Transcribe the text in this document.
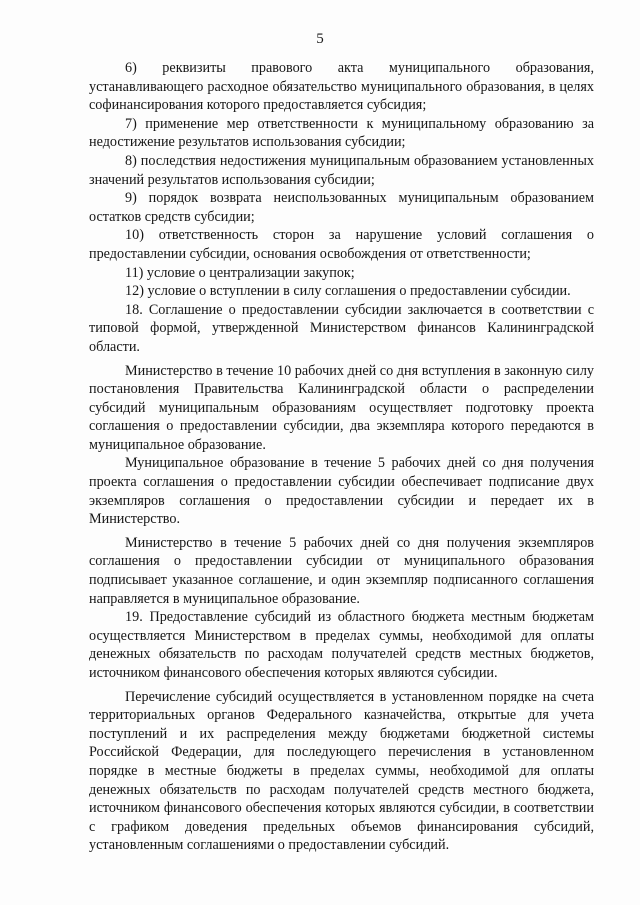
5

6) реквизиты правового акта муниципального образования, устанавливающего расходное обязательство муниципального образования, в целях софинансирования которого предоставляется субсидия;

7) применение мер ответственности к муниципальному образованию за недостижение результатов использования субсидии;

8) последствия недостижения муниципальным образованием установленных значений результатов использования субсидии;

9) порядок возврата неиспользованных муниципальным образованием остатков средств субсидии;

10) ответственность сторон за нарушение условий соглашения о предоставлении субсидии, основания освобождения от ответственности;

11) условие о централизации закупок;

12) условие о вступлении в силу соглашения о предоставлении субсидии.

18. Соглашение о предоставлении субсидии заключается в соответствии с типовой формой, утвержденной Министерством финансов Калининградской области.

Министерство в течение 10 рабочих дней со дня вступления в законную силу постановления Правительства Калининградской области о распределении субсидий муниципальным образованиям осуществляет подготовку проекта соглашения о предоставлении субсидии, два экземпляра которого передаются в муниципальное образование.

Муниципальное образование в течение 5 рабочих дней со дня получения проекта соглашения о предоставлении субсидии обеспечивает подписание двух экземпляров соглашения о предоставлении субсидии и передает их в Министерство.

Министерство в течение 5 рабочих дней со дня получения экземпляров соглашения о предоставлении субсидии от муниципального образования подписывает указанное соглашение, и один экземпляр подписанного соглашения направляется в муниципальное образование.

19. Предоставление субсидий из областного бюджета местным бюджетам осуществляется Министерством в пределах суммы, необходимой для оплаты денежных обязательств по расходам получателей средств местных бюджетов, источником финансового обеспечения которых являются субсидии.

Перечисление субсидий осуществляется в установленном порядке на счета территориальных органов Федерального казначейства, открытые для учета поступлений и их распределения между бюджетами бюджетной системы Российской Федерации, для последующего перечисления в установленном порядке в местные бюджеты в пределах суммы, необходимой для оплаты денежных обязательств по расходам получателей средств местного бюджета, источником финансового обеспечения которых являются субсидии, в соответствии с графиком доведения предельных объемов финансирования субсидий, установленным соглашениями о предоставлении субсидий.
